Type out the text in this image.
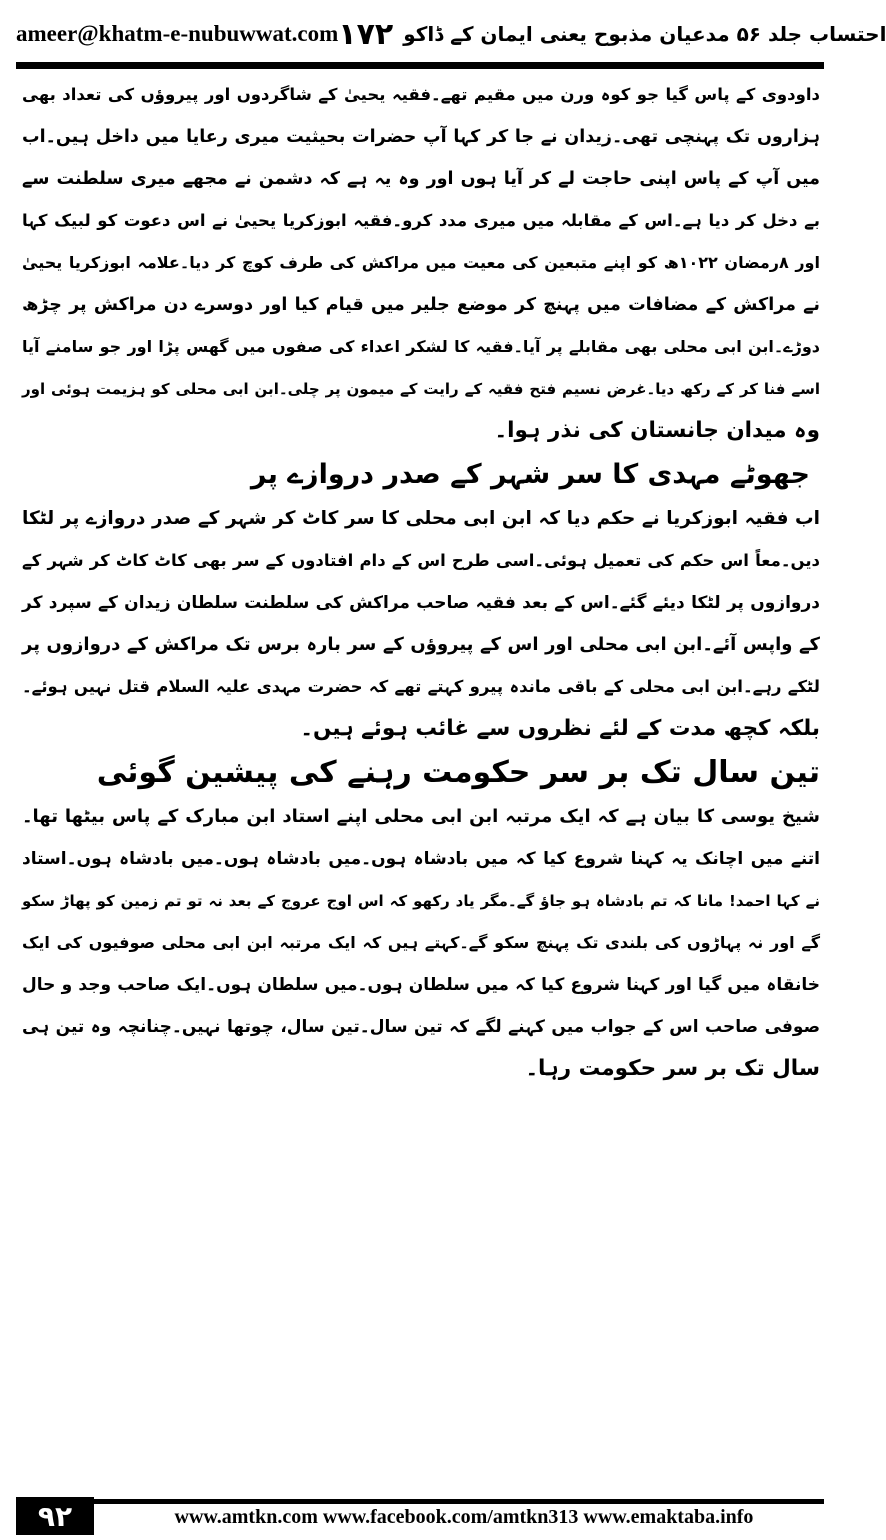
ameer@khatm-e-nubuwwat.com	احتساب جلد ۵۶ مدعیان مذبوح یعنی ایمان کے ڈاکو
۱۷۲
داودوی کے پاس گیا جو کوہ ورن میں مقیم تھے۔فقیہ یحییٰ کے شاگردوں اور پیروؤں کی تعداد بھی
ہزاروں تک پہنچی تھی۔زیدان نے جا کر کہا آپ حضرات بحیثیت میری رعایا میں داخل ہیں۔اب
میں آپ کے پاس اپنی حاجت لے کر آیا ہوں اور وہ یہ ہے کہ دشمن نے مجھے میری سلطنت سے
بے دخل کر دیا ہے۔اس کے مقابلہ میں میری مدد کرو۔فقیہ ابوزکریا یحییٰ نے اس دعوت کو لبیک کہا
اور ۸رمضان ۱۰۲۲ھ کو اپنے متبعین کی معیت میں مراکش کی طرف کوچ کر دیا۔علامہ ابوزکریا یحییٰ
نے مراکش کے مضافات میں پہنچ کر موضع جلیر میں قیام کیا اور دوسرے دن مراکش پر چڑھ
دوڑے۔ابن ابی محلی بھی مقابلے پر آیا۔فقیہ کا لشکر اعداء کی صفوں میں گھس پڑا اور جو سامنے آیا
اسے فنا کر کے رکھ دیا۔غرض نسیم فتح فقیہ کے رایت کے میمون پر چلی۔ابن ابی محلی کو ہزیمت ہوئی اور
وہ میدان جانستان کی نذر ہوا۔
جھوٹے مہدی کا سر شہر کے صدر دروازے پر
اب فقیہ ابوزکریا نے حکم دیا کہ ابن ابی محلی کا سر کاٹ کر شہر کے صدر دروازے پر لٹکا
دیں۔معاً اس حکم کی تعمیل ہوئی۔اسی طرح اس کے دام افتادوں کے سر بھی کاٹ کاٹ کر شہر کے
دروازوں پر لٹکا دیئے گئے۔اس کے بعد فقیہ صاحب مراکش کی سلطنت سلطان زیدان کے سپرد کر
کے واپس آئے۔ابن ابی محلی اور اس کے پیروؤں کے سر بارہ برس تک مراکش کے دروازوں پر
لٹکے رہے۔ابن ابی محلی کے باقی ماندہ پیرو کہتے تھے کہ حضرت مہدی علیہ السلام قتل نہیں ہوئے۔
بلکہ کچھ مدت کے لئے نظروں سے غائب ہوئے ہیں۔
تین سال تک بر سر حکومت رہنے کی پیشین گوئی
شیخ یوسی کا بیان ہے کہ ایک مرتبہ ابن ابی محلی اپنے استاد ابن مبارک کے پاس بیٹھا تھا۔
اتنے میں اچانک یہ کہنا شروع کیا کہ میں بادشاہ ہوں۔میں بادشاہ ہوں۔میں بادشاہ ہوں۔استاد
نے کہا احمد! مانا کہ تم بادشاہ ہو جاؤ گے۔مگر یاد رکھو کہ اس اوج عروج کے بعد نہ تو تم زمین کو پھاڑ سکو
گے اور نہ پہاڑوں کی بلندی تک پہنچ سکو گے۔کہتے ہیں کہ ایک مرتبہ ابن ابی محلی صوفیوں کی ایک
خانقاہ میں گیا اور کہنا شروع کیا کہ میں سلطان ہوں۔میں سلطان ہوں۔ایک صاحب وجد و حال
صوفی صاحب اس کے جواب میں کہنے لگے کہ تین سال۔تین سال، چوتھا نہیں۔چنانچہ وہ تین ہی
سال تک بر سر حکومت رہا۔
۹۲	www.amtkn.com www.facebook.com/amtkn313 www.emaktaba.info
